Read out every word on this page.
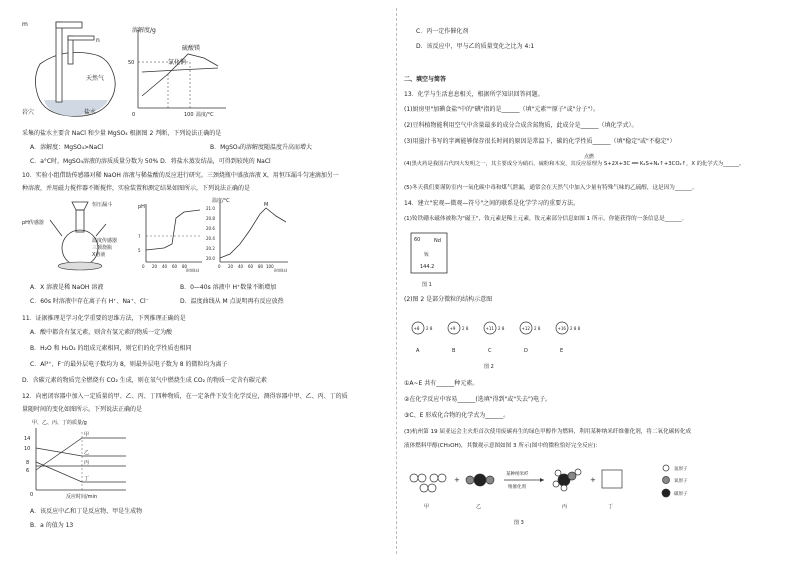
m
n
天然气
岩穴	盐水
溶解度/g
硫酸镁
氯化钠
50
0	100 温度/°C
采集的盐水主要含 NaCl 和少量 MgSO₄ 根据图 2 判断，下列说法正确的是
A．溶解度：MgSO₄>NaCl	B．MgSO₄的溶解度随温度升高而增大
C．a°C时，MgSO₄溶液的溶质质量分数为 50% D．将盐水蒸发结晶，可得到较纯的 NaCl
10．实验小组借助传感器对稀 NaOH 溶液与稀盐酸的反应进行研究。三颈烧瓶中盛放溶液 X，用恒压漏斗匀速滴加另一
种溶液，并用磁力搅拌器不断搅拌，实验装置和测定结果如图所示，下列说法正确的是
恒压漏斗
pH传感器
温度传感器
三颈烧瓶
X溶液
pH
7
5
0 20 40 60 80
时间(s)
温度/°C
M
21.0
20.8
20.6
20.4
20.2
20.0
0 20 40 60 80 100
时间(s)
A．X 溶液是稀 NaOH 溶液	B．0—40s 溶液中 H⁺数量不断增加
C．60s 时溶液中存在离子有 H⁺、Na⁺、Cl⁻	D．温度曲线从 M 点说明再有反应放热
11．证据推理是学习化学重要的思维方法，下列推理正确的是
A．酸中都含有氢元素，则含有氢元素的物质一定为酸
B．H₂O 和 H₂O₂ 的组成元素相同，则它们的化学性质也相同
C．Al³⁺、F⁻的最外层电子数均为 8，则最外层电子数为 8 的微粒均为离子
D．含碳元素的物质完全燃烧有 CO₂ 生成，则在氧气中燃烧生成 CO₂ 的物质一定含有碳元素
12．向密闭容器中加入一定质量的甲、乙、丙、丁四种物质，在一定条件下发生化学反应，测得容器中甲、乙、丙、丁的质
量随时间的变化如图所示。下列说法正确的是
甲、乙、丙、丁的质量/g
14
10
8
6
0
甲
乙
丙
丁
反应时间/min
A．该反应中乙和丁是反应物，甲是生成物
B．a 的值为 13
C．丙一定作催化剂
D．该反应中，甲与乙的质量变化之比为 4:1
二、填空与简答
13．化学与生活息息相关，根据所学知识回答问题。
(1)厨房里"加碘食盐"中的"碘"指的是______（填"元素""原子"或"分子"）。
(2)豆科植物能利用空气中含量最多的成分合成含氮物质，此成分是______（填化学式）。
(3)用墨汁书写的字画能够保存很长时间的原因是常温下，碳的化学性质______（填"稳定"或"不稳定"）
点燃
(4)黑火药是我国古代四大发明之一，其主要成分为硝石、硫粉和木炭，其反应原理为 S+2X+3C ══ K₂S+N₂↑+3CO₂↑，X 的化学式为______。
(5)冬天我们要谨防室内一氧化碳中毒和煤气泄漏，通常会在天然气中加入少量有特殊气味的乙硫醇，这是因为______。
14．建立"宏观—微观—符号"之间的联系是化学学习的重要方法。
(1)钕铁硼永磁体被称为"磁王"，钕元素是稀土元素，钕元素部分信息如图 1 所示，你能获得的一条信息是______。
60	Nd
钕
144.2
图 1
(2)图 2 是部分微粒的结构示意图
+8 2 8
A
+9 2 8
B
+11 2 8
C
+12 2 8
D
+16 2 8 8
E
图 2
①A~E 共有______种元素。
②在化学反应中容易______(选填"得到"或"失去")电子。
③C、E 形成化合物的化学式为______。
(3)杭州第 19 届亚运会主火炬首次使用废碳再生的绿色甲醇作为燃料，利用某种纳米纤维催化剂，将二氧化碳转化成
液体燃料甲醇(CH₃OH)，其微观示意图如图 3 所示(图中的微粒恰好完全反应)：
甲
+
乙
某种纳米纤
维催化剂
丙
+
丁
氢原子
氧原子
碳原子
图 3
